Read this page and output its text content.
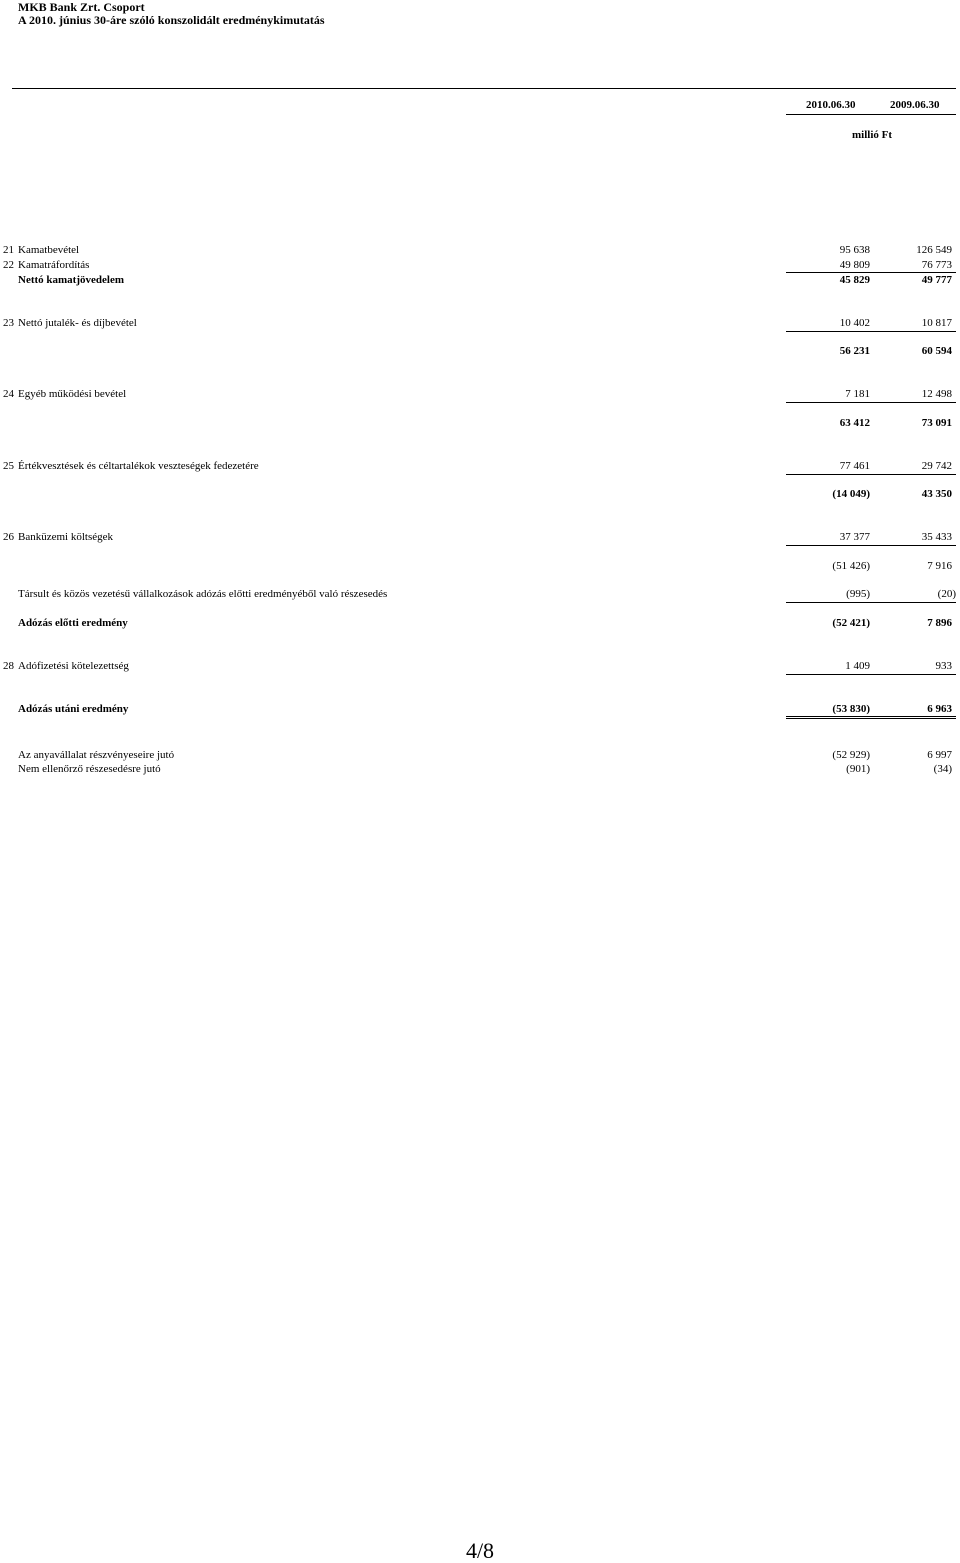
MKB Bank Zrt. Csoport
A 2010. június 30-áre szóló konszolidált eredménykimutatás
2010.06.30	2009.06.30
millió Ft
21 Kamatbevétel	95 638	126 549
22 Kamatráfordítás	49 809	76 773
Nettó kamatjövedelem	45 829	49 777
23 Nettó jutalék- és díjbevétel	10 402	10 817
56 231	60 594
24 Egyéb működési bevétel	7 181	12 498
63 412	73 091
25 Értékvesztések és céltartalékok veszteségek fedezetére	77 461	29 742
(14 049)	43 350
26 Banküzemi költségek	37 377	35 433
(51 426)	7 916
Társult és közös vezetésű vállalkozások adózás előtti eredményéből való részesedés	(995)	(20)
Adózás előtti eredmény	(52 421)	7 896
28 Adófizetési kötelezettség	1 409	933
Adózás utáni eredmény	(53 830)	6 963
Az anyavállalat részvényeseire jutó	(52 929)	6 997
Nem ellenőrző részesedésre jutó	(901)	(34)
4/8
